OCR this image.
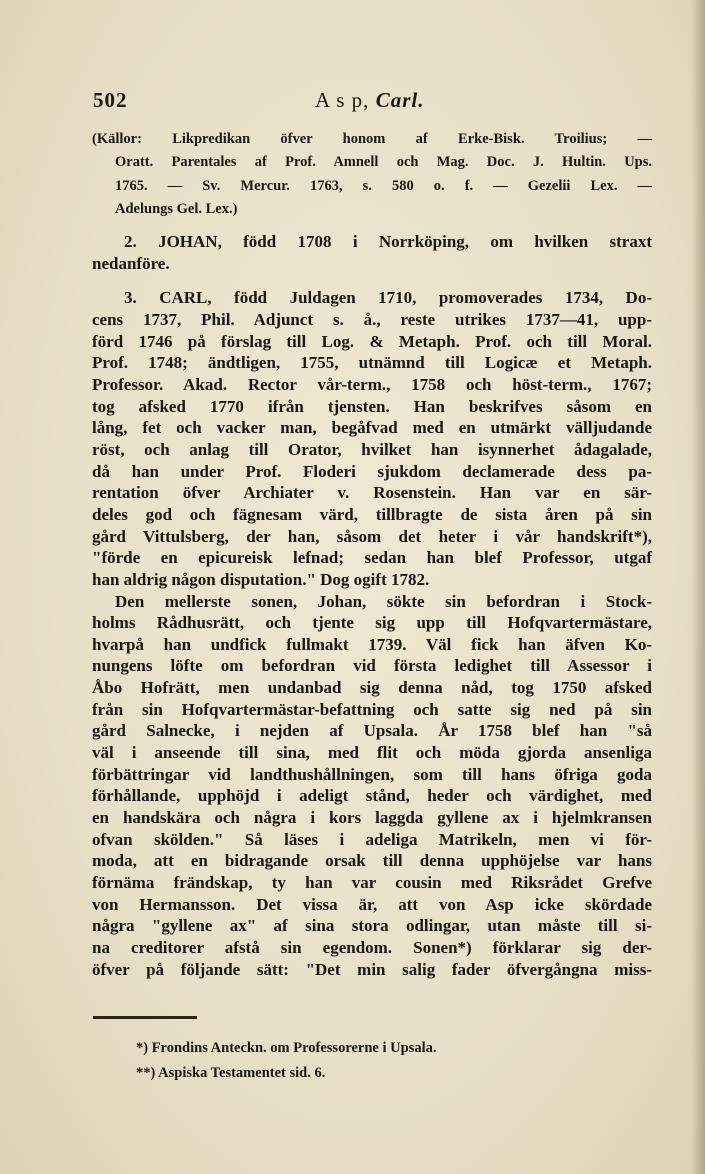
502	A s p, Carl.
(Källor: Likpredikan öfver honom af Erke-Bisk. Troilius; —
Oratt. Parentales af Prof. Amnell och Mag. Doc. J. Hultin. Ups.
1765. — Sv. Mercur. 1763, s. 580 o. f. — Gezelii Lex. —
Adelungs Gel. Lex.)
2. JOHAN, född 1708 i Norrköping, om hvilken straxt
nedanföre.
3. CARL, född Juldagen 1710, promoverades 1734, Do-
cens 1737, Phil. Adjunct s. å., reste utrikes 1737—41, upp-
förd 1746 på förslag till Log. & Metaph. Prof. och till Moral.
Prof. 1748; ändtligen, 1755, utnämnd till Logicæ et Metaph.
Professor. Akad. Rector vår-term., 1758 och höst-term., 1767;
tog afsked 1770 ifrån tjensten. Han beskrifves såsom en
lång, fet och vacker man, begåfvad med en utmärkt välljudande
röst, och anlag till Orator, hvilket han isynnerhet ådagalade,
då han under Prof. Floderi sjukdom declamerade dess pa-
rentation öfver Archiater v. Rosenstein. Han var en sär-
deles god och fägnesam värd, tillbragte de sista åren på sin
gård Vittulsberg, der han, såsom det heter i vår handskrift*),
"förde en epicureisk lefnad; sedan han blef Professor, utgaf
han aldrig någon disputation." Dog ogift 1782.
Den mellerste sonen, Johan, sökte sin befordran i Stock-
holms Rådhusrätt, och tjente sig upp till Hofqvartermästare,
hvarpå han undfick fullmakt 1739. Väl fick han äfven Ko-
nungens löfte om befordran vid första ledighet till Assessor i
Åbo Hofrätt, men undanbad sig denna nåd, tog 1750 afsked
från sin Hofqvartermästar-befattning och satte sig ned på sin
gård Salnecke, i nejden af Upsala. År 1758 blef han "så
väl i anseende till sina, med flit och möda gjorda ansenliga
förbättringar vid landthushållningen, som till hans öfriga goda
förhållande, upphöjd i adeligt stånd, heder och värdighet, med
en handskära och några i kors laggda gyllene ax i hjelmkransen
ofvan skölden." Så läses i adeliga Matrikeln, men vi för-
moda, att en bidragande orsak till denna upphöjelse var hans
förnäma frändskap, ty han var cousin med Riksrådet Grefve
von Hermansson. Det vissa är, att von Asp icke skördade
några "gyllene ax" af sina stora odlingar, utan måste till si-
na creditorer afstå sin egendom. Sonen*) förklarar sig der-
öfver på följande sätt: "Det min salig fader öfvergångna miss-
*) Frondins Anteckn. om Professorerne i Upsala.
**) Aspiska Testamentet sid. 6.
